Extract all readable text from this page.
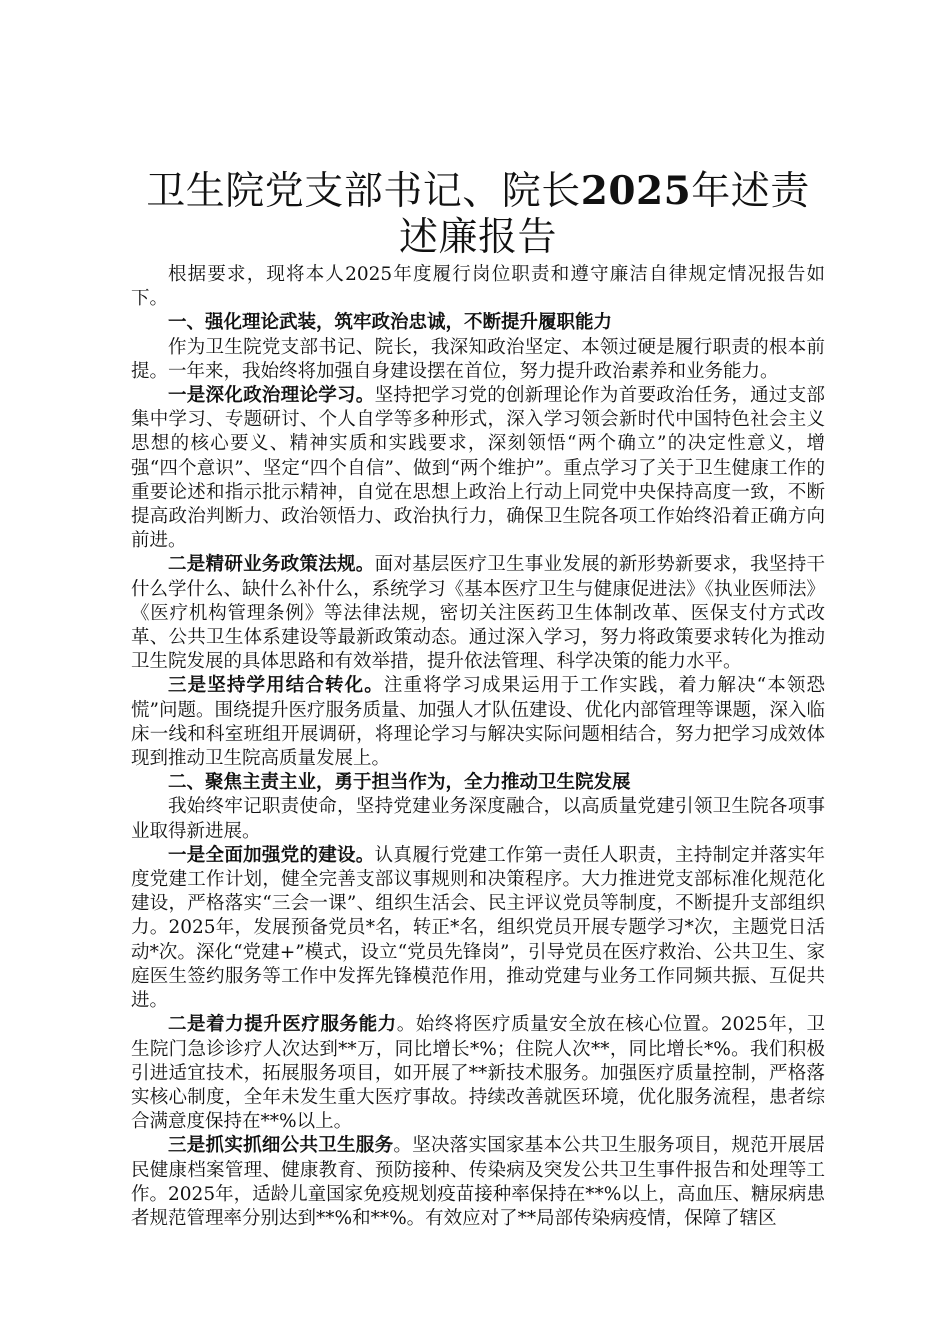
卫生院党支部书记、院长2025年述责述廉报告

根据要求，现将本人2025年度履行岗位职责和遵守廉洁自律规定情况报告如下。

一、强化理论武装，筑牢政治忠诚，不断提升履职能力

作为卫生院党支部书记、院长，我深知政治坚定、本领过硬是履行职责的根本前提。一年来，我始终将加强自身建设摆在首位，努力提升政治素养和业务能力。

一是深化政治理论学习。坚持把学习党的创新理论作为首要政治任务，通过支部集中学习、专题研讨、个人自学等多种形式，深入学习领会新时代中国特色社会主义思想的核心要义、精神实质和实践要求，深刻领悟“两个确立”的决定性意义，增强“四个意识”、坚定“四个自信”、做到“两个维护”。重点学习了关于卫生健康工作的重要论述和指示批示精神，自觉在思想上政治上行动上同党中央保持高度一致，不断提高政治判断力、政治领悟力、政治执行力，确保卫生院各项工作始终沿着正确方向前进。

二是精研业务政策法规。面对基层医疗卫生事业发展的新形势新要求，我坚持干什么学什么、缺什么补什么，系统学习《基本医疗卫生与健康促进法》《执业医师法》《医疗机构管理条例》等法律法规，密切关注医药卫生体制改革、医保支付方式改革、公共卫生体系建设等最新政策动态。通过深入学习，努力将政策要求转化为推动卫生院发展的具体思路和有效举措，提升依法管理、科学决策的能力水平。

三是坚持学用结合转化。注重将学习成果运用于工作实践，着力解决“本领恐慌”问题。围绕提升医疗服务质量、加强人才队伍建设、优化内部管理等课题，深入临床一线和科室班组开展调研，将理论学习与解决实际问题相结合，努力把学习成效体现到推动卫生院高质量发展上。

二、聚焦主责主业，勇于担当作为，全力推动卫生院发展

我始终牢记职责使命，坚持党建业务深度融合，以高质量党建引领卫生院各项事业取得新进展。

一是全面加强党的建设。认真履行党建工作第一责任人职责，主持制定并落实年度党建工作计划，健全完善支部议事规则和决策程序。大力推进党支部标准化规范化建设，严格落实“三会一课”、组织生活会、民主评议党员等制度，不断提升支部组织力。2025年，发展预备党员*名，转正*名，组织党员开展专题学习*次，主题党日活动*次。深化“党建+”模式，设立“党员先锋岗”，引导党员在医疗救治、公共卫生、家庭医生签约服务等工作中发挥先锋模范作用，推动党建与业务工作同频共振、互促共进。

二是着力提升医疗服务能力。始终将医疗质量安全放在核心位置。2025年，卫生院门急诊诊疗人次达到**万，同比增长*%；住院人次**，同比增长*%。我们积极引进适宜技术，拓展服务项目，如开展了**新技术服务。加强医疗质量控制，严格落实核心制度，全年未发生重大医疗事故。持续改善就医环境，优化服务流程，患者综合满意度保持在**%以上。

三是抓实抓细公共卫生服务。坚决落实国家基本公共卫生服务项目，规范开展居民健康档案管理、健康教育、预防接种、传染病及突发公共卫生事件报告和处理等工作。2025年，适龄儿童国家免疫规划疫苗接种率保持在**%以上，高血压、糖尿病患者规范管理率分别达到**%和**%。有效应对了**局部传染病疫情，保障了辖区
